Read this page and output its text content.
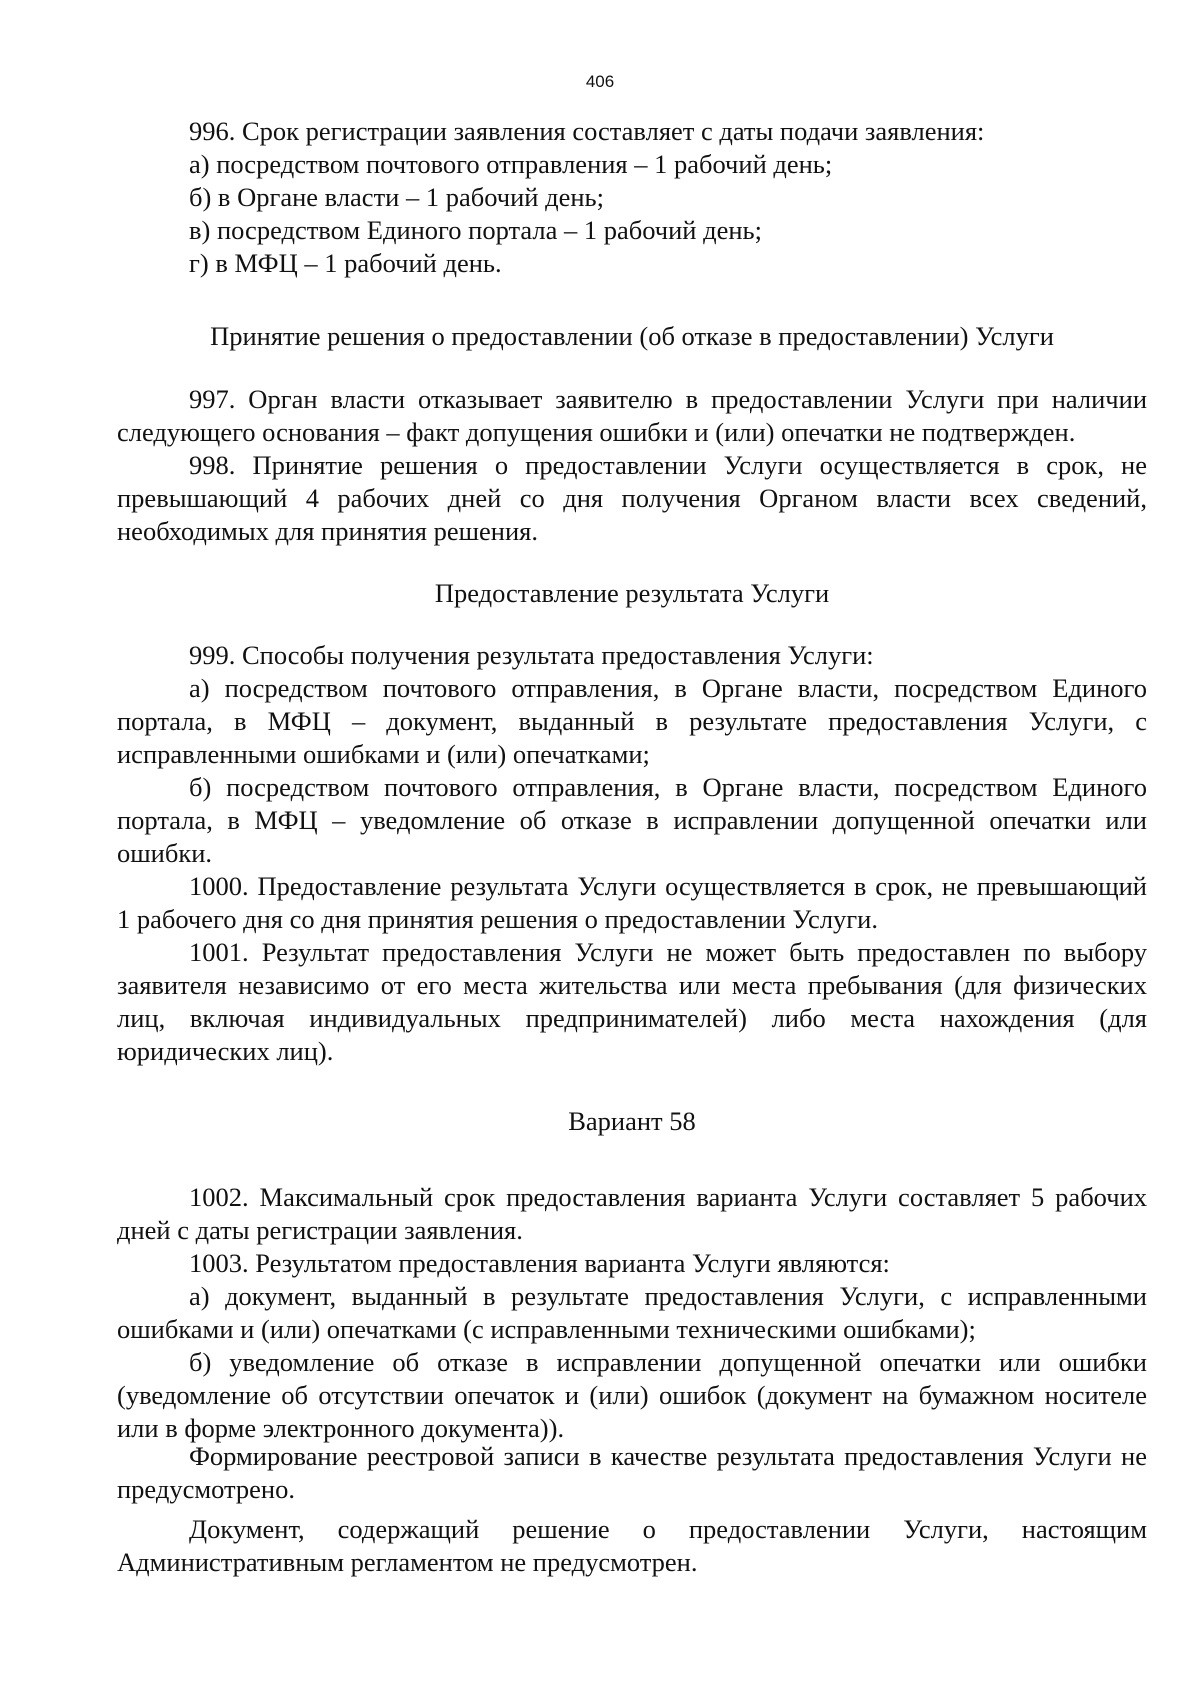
406

996. Срок регистрации заявления составляет с даты подачи заявления:

а) посредством почтового отправления – 1 рабочий день;

б) в Органе власти – 1 рабочий день;

в) посредством Единого портала – 1 рабочий день;

г) в МФЦ – 1 рабочий день.

Принятие решения о предоставлении (об отказе в предоставлении) Услуги

997. Орган власти отказывает заявителю в предоставлении Услуги при наличии следующего основания – факт допущения ошибки и (или) опечатки не подтвержден.

998. Принятие решения о предоставлении Услуги осуществляется в срок, не превышающий 4 рабочих дней со дня получения Органом власти всех сведений, необходимых для принятия решения.

Предоставление результата Услуги

999. Способы получения результата предоставления Услуги:

а) посредством почтового отправления, в Органе власти, посредством Единого портала, в МФЦ – документ, выданный в результате предоставления Услуги, с исправленными ошибками и (или) опечатками;

б) посредством почтового отправления, в Органе власти, посредством Единого портала, в МФЦ – уведомление об отказе в исправлении допущенной опечатки или ошибки.

1000. Предоставление результата Услуги осуществляется в срок, не превышающий 1 рабочего дня со дня принятия решения о предоставлении Услуги.

1001. Результат предоставления Услуги не может быть предоставлен по выбору заявителя независимо от его места жительства или места пребывания (для физических лиц, включая индивидуальных предпринимателей) либо места нахождения (для юридических лиц).

Вариант 58

1002. Максимальный срок предоставления варианта Услуги составляет 5 рабочих дней с даты регистрации заявления.

1003. Результатом предоставления варианта Услуги являются:

а) документ, выданный в результате предоставления Услуги, с исправленными ошибками и (или) опечатками (с исправленными техническими ошибками);

б) уведомление об отказе в исправлении допущенной опечатки или ошибки (уведомление об отсутствии опечаток и (или) ошибок (документ на бумажном носителе или в форме электронного документа)).

Формирование реестровой записи в качестве результата предоставления Услуги не предусмотрено.

Документ, содержащий решение о предоставлении Услуги, настоящим Административным регламентом не предусмотрен.
